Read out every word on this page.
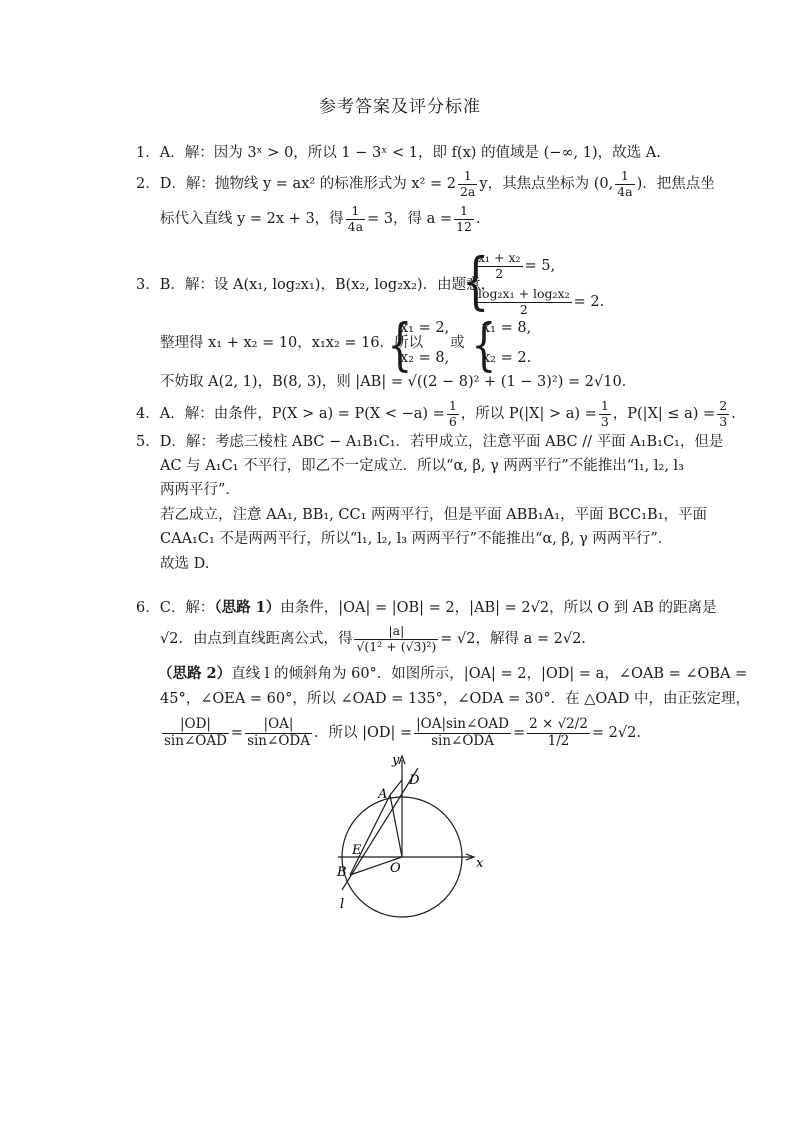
参考答案及评分标准
1．A．解：因为 3ˣ > 0，所以 1 − 3ˣ < 1，即 f(x) 的值域是 (−∞, 1)，故选 A.
2．D．解：抛物线 y = ax² 的标准形式为 $x^2 = 2 \frac{1}{2a}$ y，其焦点坐标为 (0, $\frac{1}{4a}$ )．把焦点坐
标代入直线 y = 2x + 3，得 $\frac{1}{4a} = 3$，得 $a = \frac{1}{12}$ .
3．B．解：设 A(x₁, log₂x₁)，B(x₂, log₂x₂)．由题意，
{
$\frac{\text{x₁ + x₂}}{2} = 5$,
$\frac{\text{log₂x₁ + log₂x₂}}{2} = 2$.
整理得 x₁ + x₂ = 10，x₁x₂ = 16．所以
{
x₁ = 2,
x₂ = 8,
或 {
x₁ = 8,
x₂ = 2.
不妨取 A(2, 1)，B(8, 3)，则 |AB| = √((2 − 8)² + (1 − 3)²) = 2√10.
4．A．解：由条件，$P(X > a) = P(X < -a) = \frac{1}{6}$ ，所以 $P(|X| > a) = \frac{1}{3}$ ，$P(|X| \le a) = \frac{2}{3}$ .
5．D．解：考虑三棱柱 ABC − A₁B₁C₁．若甲成立，注意平面 ABC // 平面 A₁B₁C₁，但是
AC 与 A₁C₁ 不平行，即乙不一定成立．所以“α, β, γ 两两平行”不能推出“l₁, l₂, l₃
两两平行”．
若乙成立，注意 AA₁, BB₁, CC₁ 两两平行，但是平面 ABB₁A₁，平面 BCC₁B₁，平面
CAA₁C₁ 不是两两平行，所以“l₁, l₂, l₃ 两两平行”不能推出“α, β, γ 两两平行”．
故选 D.
6．C．解：（思路 1）由条件，|OA| = |OB| = 2，|AB| = 2√2，所以 O 到 AB 的距离是
√2．由点到直线距离公式，得 $\frac{|a|}{\text{√(1² + (√3)²)}} = √2$，解得 a = 2√2.
（思路 2）直线 l 的倾斜角为 60°．如图所示，|OA| = 2，|OD| = a，∠OAB = ∠OBA =
45°，∠OEA = 60°，所以 ∠OAD = 135°，∠ODA = 30°．在 △OAD 中，由正弦定理，
$\frac{|OD|}{\text{sin∠OAD}} = \frac{|OA|}{\text{sin∠ODA}}$ ．所以 $|OD| = \frac{\text{|OA|sin∠OAD}}{\text{sin∠ODA}} = \frac{2 \times √2/2}{1/2} = 2√2$.
y
x
D
A
E
O
B
l
